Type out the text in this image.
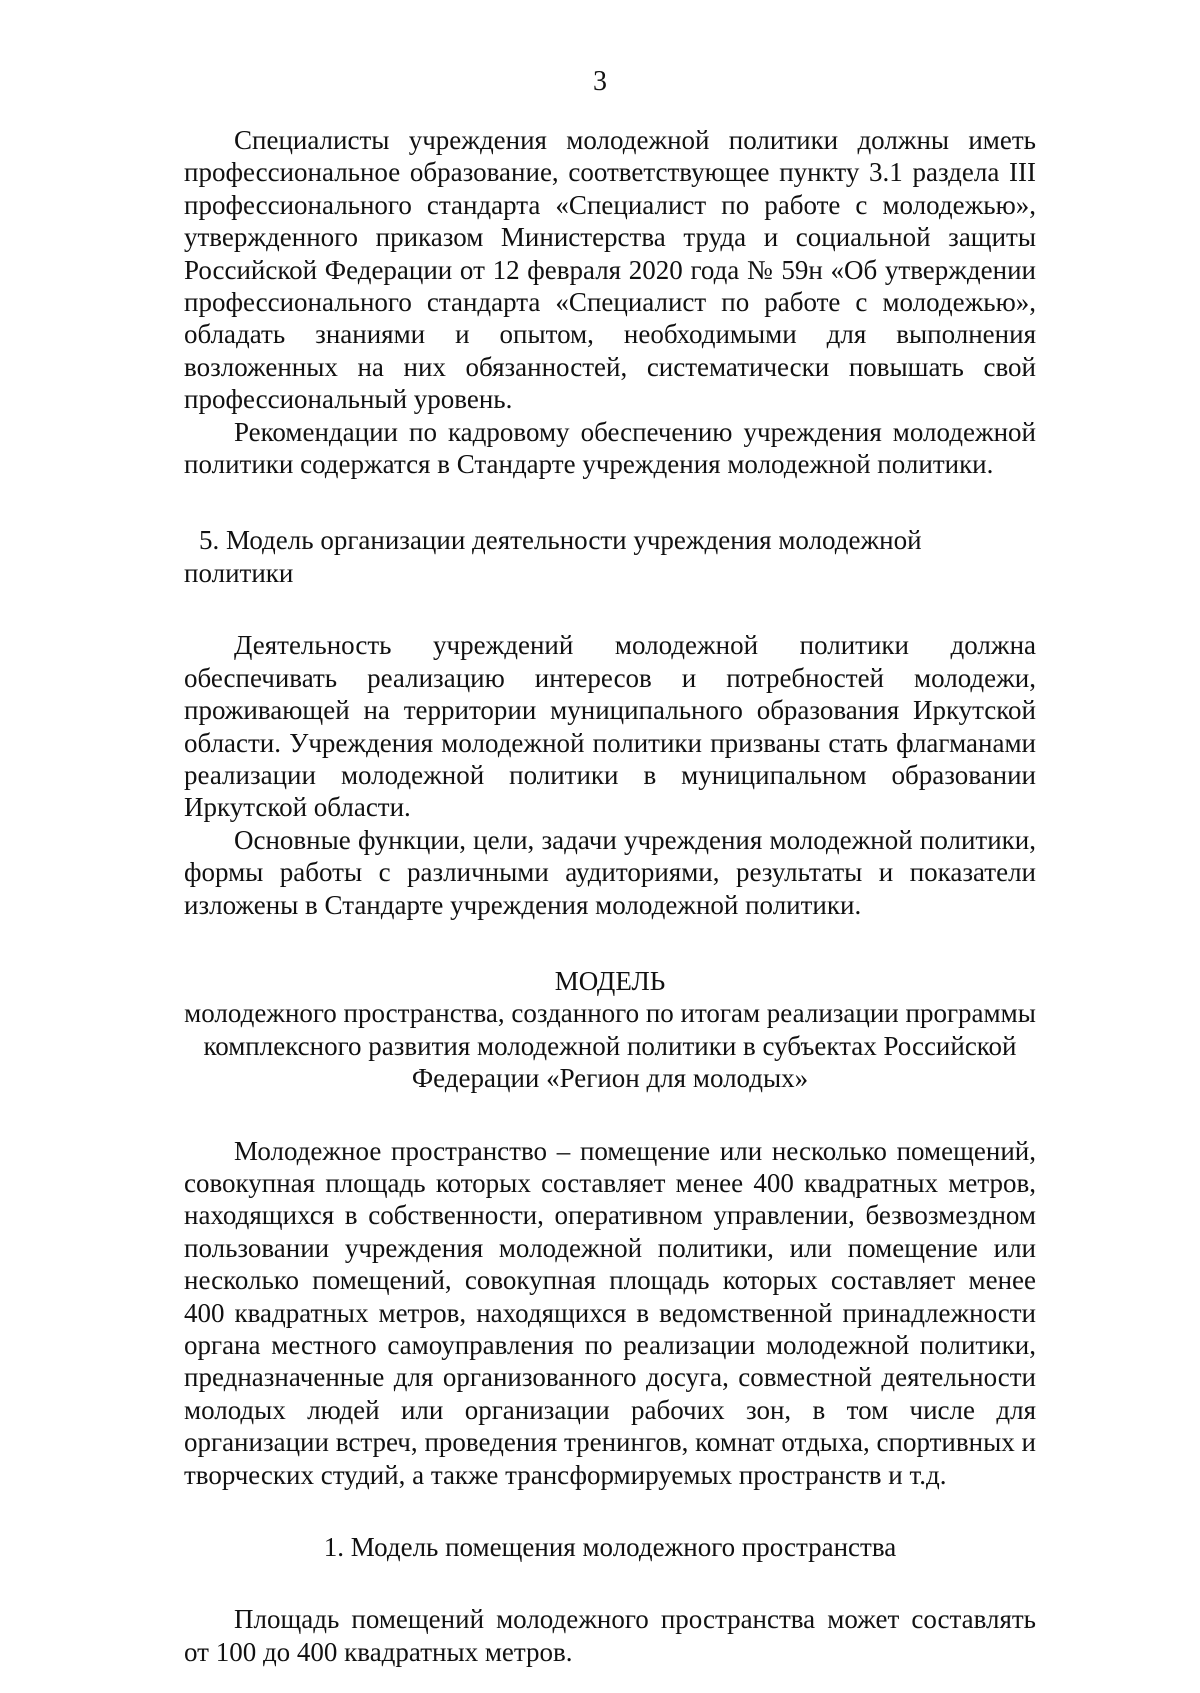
3

Специалисты учреждения молодежной политики должны иметь профессиональное образование, соответствующее пункту 3.1 раздела III профессионального стандарта «Специалист по работе с молодежью», утвержденного приказом Министерства труда и социальной защиты Российской Федерации от 12 февраля 2020 года № 59н «Об утверждении профессионального стандарта «Специалист по работе с молодежью», обладать знаниями и опытом, необходимыми для выполнения возложенных на них обязанностей, систематически повышать свой профессиональный уровень.

Рекомендации по кадровому обеспечению учреждения молодежной политики содержатся в Стандарте учреждения молодежной политики.

5. Модель организации деятельности учреждения молодежной политики

Деятельность учреждений молодежной политики должна обеспечивать реализацию интересов и потребностей молодежи, проживающей на территории муниципального образования Иркутской области. Учреждения молодежной политики призваны стать флагманами реализации молодежной политики в муниципальном образовании Иркутской области.

Основные функции, цели, задачи учреждения молодежной политики, формы работы с различными аудиториями, результаты и показатели изложены в Стандарте учреждения молодежной политики.

МОДЕЛЬ

молодежного пространства, созданного по итогам реализации программы комплексного развития молодежной политики в субъектах Российской Федерации «Регион для молодых»

Молодежное пространство – помещение или несколько помещений, совокупная площадь которых составляет менее 400 квадратных метров, находящихся в собственности, оперативном управлении, безвозмездном пользовании учреждения молодежной политики, или помещение или несколько помещений, совокупная площадь которых составляет менее 400 квадратных метров, находящихся в ведомственной принадлежности органа местного самоуправления по реализации молодежной политики, предназначенные для организованного досуга, совместной деятельности молодых людей или организации рабочих зон, в том числе для организации встреч, проведения тренингов, комнат отдыха, спортивных и творческих студий, а также трансформируемых пространств и т.д.

1. Модель помещения молодежного пространства

Площадь помещений молодежного пространства может составлять от 100 до 400 квадратных метров.
